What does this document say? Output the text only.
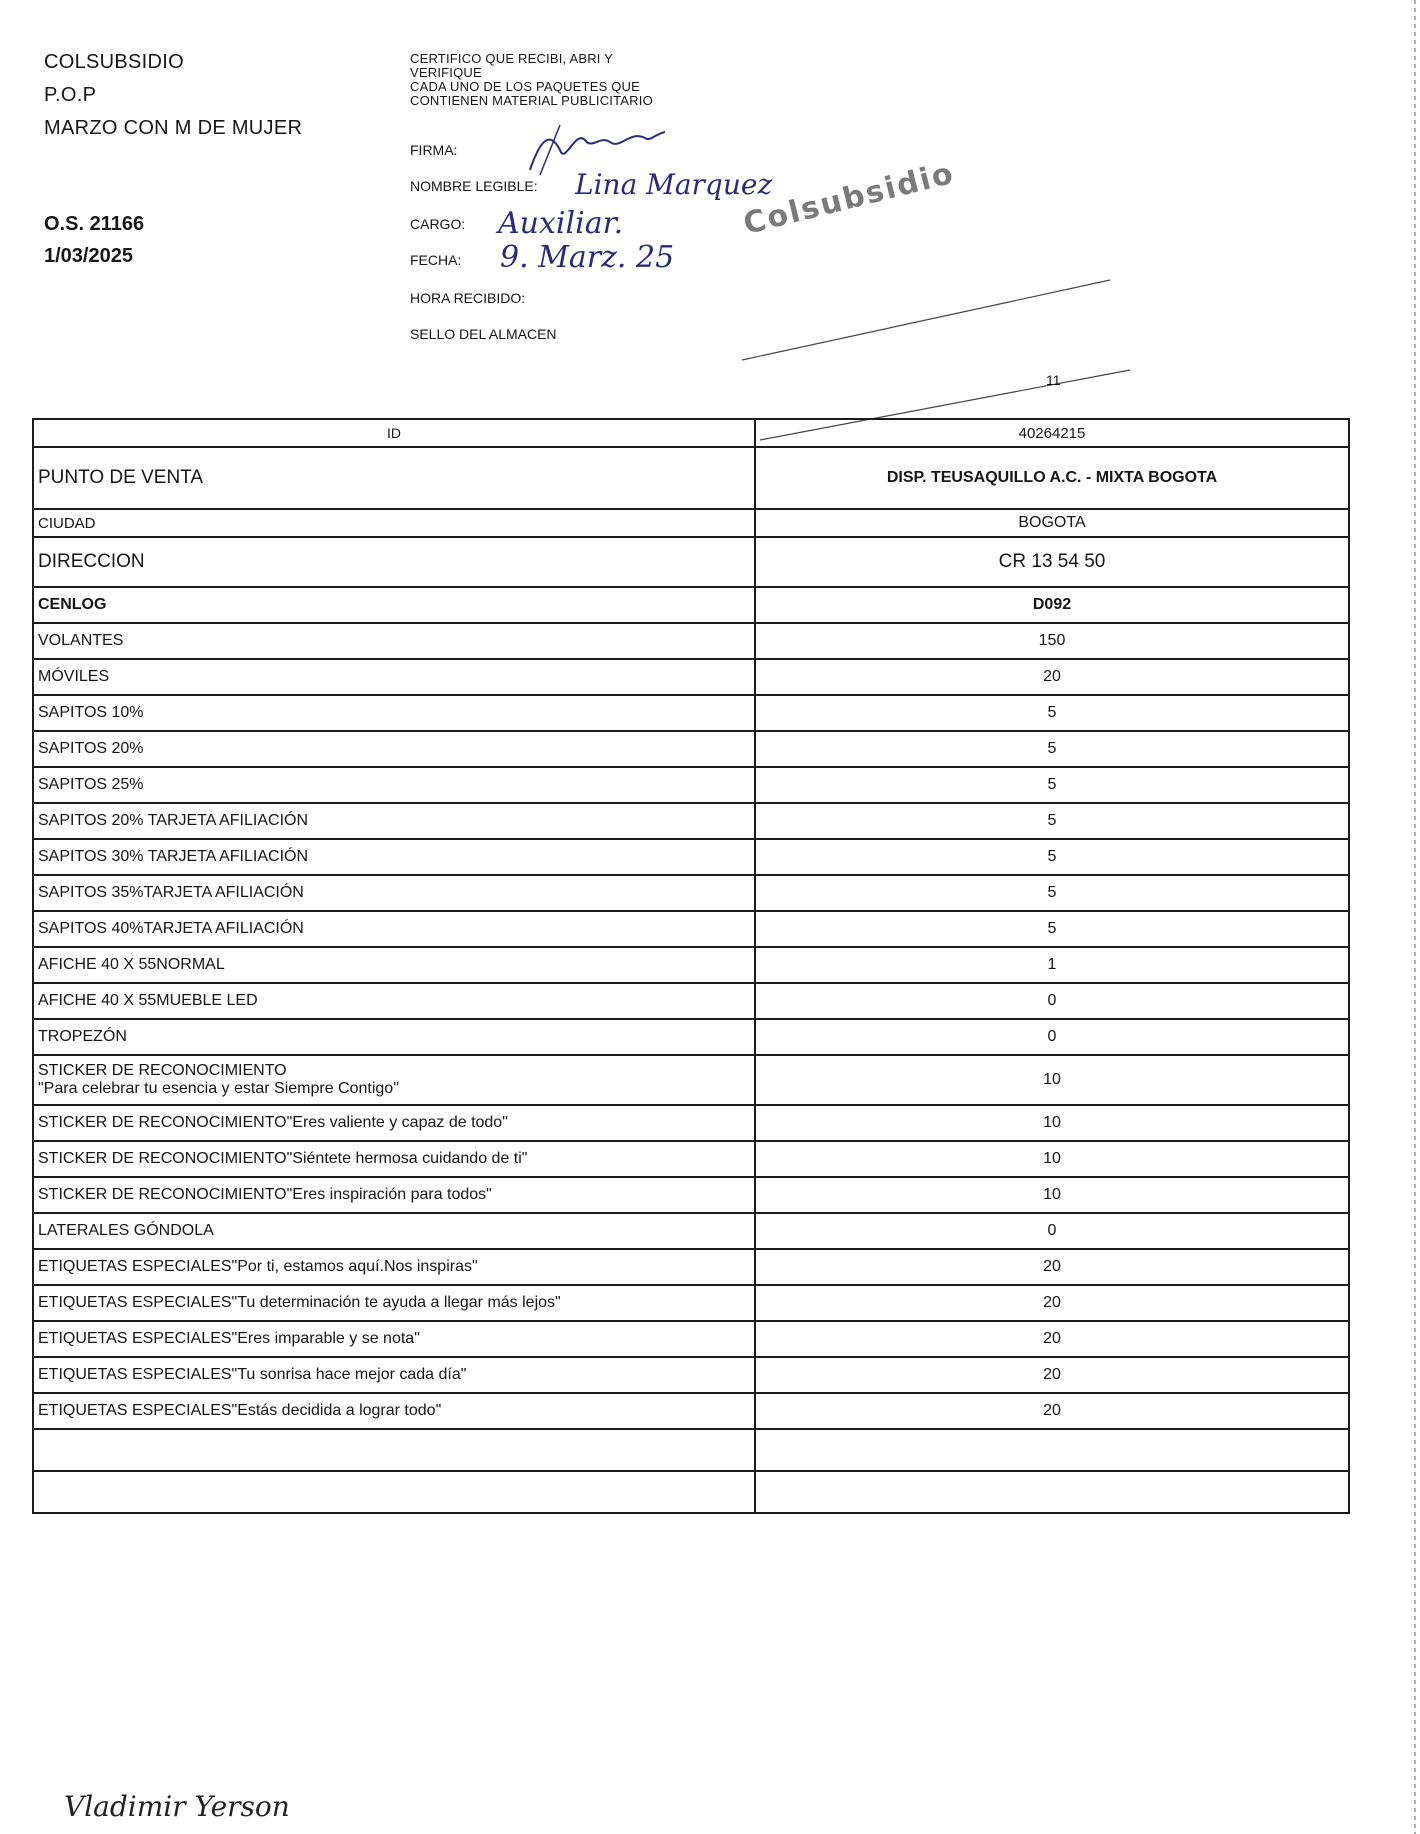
COLSUBSIDIO
P.O.P
MARZO CON M DE MUJER
O.S. 21166
1/03/2025
CERTIFICO QUE RECIBI, ABRI Y
VERIFIQUE
CADA UNO DE LOS PAQUETES QUE
CONTIENEN MATERIAL PUBLICITARIO
FIRMA:
NOMBRE LEGIBLE:
CARGO:
FECHA:
HORA RECIBIDO:
SELLO DEL ALMACEN
Lina Marquez
Auxiliar.
9. Marz. 25
Colsubsidio
11
ID	40264215
PUNTO DE VENTA	DISP. TEUSAQUILLO A.C. - MIXTA BOGOTA
CIUDAD	BOGOTA
DIRECCION	CR 13 54 50
CENLOG	D092
VOLANTES	150
MÓVILES	20
SAPITOS 10%	5
SAPITOS 20%	5
SAPITOS 25%	5
SAPITOS 20% TARJETA AFILIACIÓN	5
SAPITOS 30% TARJETA AFILIACIÓN	5
SAPITOS 35%TARJETA AFILIACIÓN	5
SAPITOS 40%TARJETA AFILIACIÓN	5
AFICHE 40 X 55NORMAL	1
AFICHE 40 X 55MUEBLE LED	0
TROPEZÓN	0

STICKER DE RECONOCIMIENTO
"Para celebrar tu esencia y estar Siempre Contigo"	10
STICKER DE RECONOCIMIENTO"Eres valiente y capaz de todo"	10
STICKER DE RECONOCIMIENTO"Siéntete hermosa cuidando de ti"	10
STICKER DE RECONOCIMIENTO"Eres inspiración para todos"	10
LATERALES GÓNDOLA	0
ETIQUETAS ESPECIALES"Por ti, estamos aquí.Nos inspiras"	20
ETIQUETAS ESPECIALES"Tu determinación te ayuda a llegar más lejos"	20
ETIQUETAS ESPECIALES"Eres imparable y se nota"	20
ETIQUETAS ESPECIALES"Tu sonrisa hace mejor cada día"	20
ETIQUETAS ESPECIALES"Estás decidida a lograr todo"	20

Vladimir Yerson
